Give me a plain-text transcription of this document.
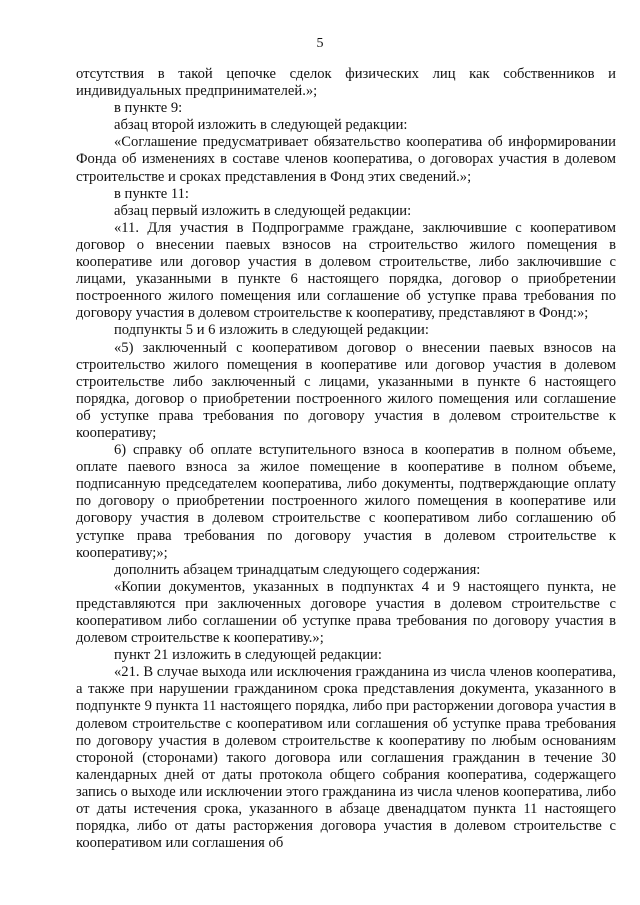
5

отсутствия в такой цепочке сделок физических лиц как собственников и индивидуальных предпринимателей.»;

в пункте 9:

абзац второй изложить в следующей редакции:

«Соглашение предусматривает обязательство кооператива об информировании Фонда об изменениях в составе членов кооператива, о договорах участия в долевом строительстве и сроках представления в Фонд этих сведений.»;

в пункте 11:

абзац первый изложить в следующей редакции:

«11. Для участия в Подпрограмме граждане, заключившие с кооперативом договор о внесении паевых взносов на строительство жилого помещения в кооперативе или договор участия в долевом строительстве, либо заключившие с лицами, указанными в пункте 6 настоящего порядка, договор о приобретении построенного жилого помещения или соглашение об уступке права требования по договору участия в долевом строительстве к кооперативу, представляют в Фонд:»;

подпункты 5 и 6 изложить в следующей редакции:

«5) заключенный с кооперативом договор о внесении паевых взносов на строительство жилого помещения в кооперативе или договор участия в долевом строительстве либо заключенный с лицами, указанными в пункте 6 настоящего порядка, договор о приобретении построенного жилого помещения или соглашение об уступке права требования по договору участия в долевом строительстве к кооперативу;

6) справку об оплате вступительного взноса в кооператив в полном объеме, оплате паевого взноса за жилое помещение в кооперативе в полном объеме, подписанную председателем кооператива, либо документы, подтверждающие оплату по договору о приобретении построенного жилого помещения в кооперативе или договору участия в долевом строительстве с кооперативом либо соглашению об уступке права требования по договору участия в долевом строительстве к кооперативу;»;

дополнить абзацем тринадцатым следующего содержания:

«Копии документов, указанных в подпунктах 4 и 9 настоящего пункта, не представляются при заключенных договоре участия в долевом строительстве с кооперативом либо соглашении об уступке права требования по договору участия в долевом строительстве к кооперативу.»;

пункт 21 изложить в следующей редакции:

«21. В случае выхода или исключения гражданина из числа членов кооператива, а также при нарушении гражданином срока представления документа, указанного в подпункте 9 пункта 11 настоящего порядка, либо при расторжении договора участия в долевом строительстве с кооперативом или соглашения об уступке права требования по договору участия в долевом строительстве к кооперативу по любым основаниям стороной (сторонами) такого договора или соглашения гражданин в течение 30 календарных дней от даты протокола общего собрания кооператива, содержащего запись о выходе или исключении этого гражданина из числа членов кооператива, либо от даты истечения срока, указанного в абзаце двенадцатом пункта 11 настоящего порядка, либо от даты расторжения договора участия в долевом строительстве с кооперативом или соглашения об
